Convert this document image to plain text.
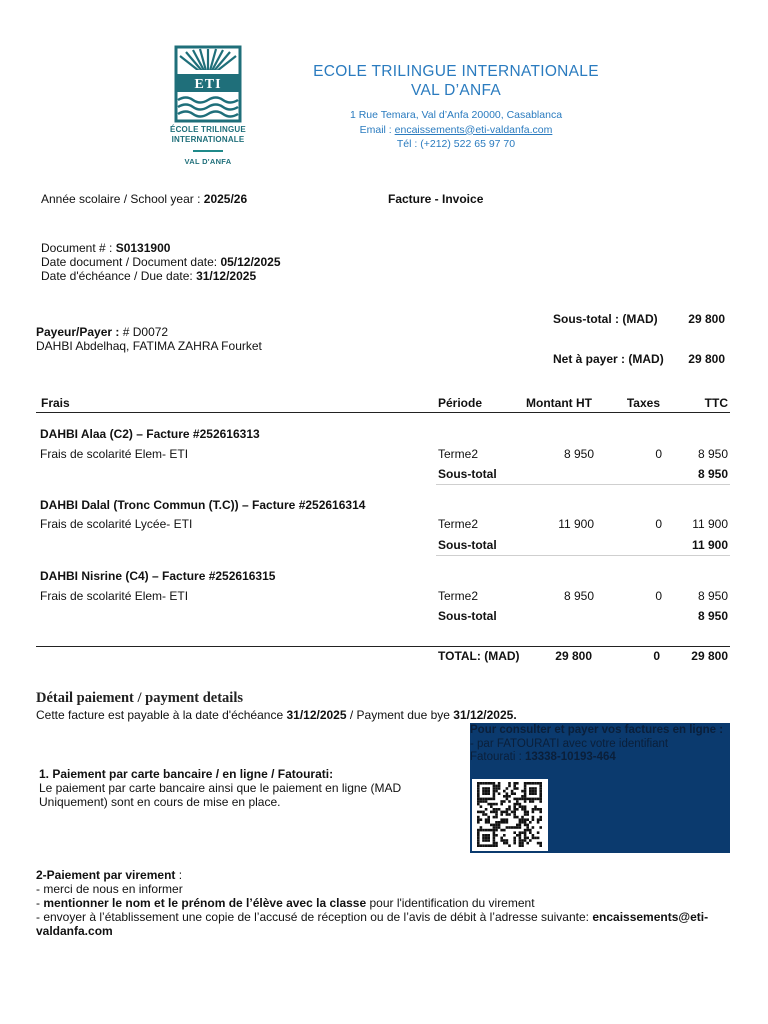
ETI
ÉCOLE TRILINGUE
INTERNATIONALE
VAL D'ANFA
ECOLE TRILINGUE INTERNATIONALE
VAL D’ANFA
1 Rue Temara, Val d’Anfa 20000, Casablanca
Email : encaissements@eti-valdanfa.com
Tél : (+212) 522 65 97 70
Année scolaire / School year : 2025/26	Facture - Invoice
Document # : S0131900
Date document / Document date: 05/12/2025
Date d'échéance / Due date: 31/12/2025
Sous-total : (MAD)	29 800
Net à payer : (MAD)	29 800
Payeur/Payer : # D0072
DAHBI Abdelhaq, FATIMA ZAHRA Fourket
Frais	Période	Montant HT	Taxes	TTC
DAHBI Alaa (C2) – Facture #252616313
Frais de scolarité Elem- ETI	Terme2	8 950	0	8 950
Sous-total	8 950
DAHBI Dalal (Tronc Commun (T.C)) – Facture #252616314
Frais de scolarité Lycée- ETI	Terme2	11 900	0	11 900
Sous-total	11 900
DAHBI Nisrine (C4) – Facture #252616315
Frais de scolarité Elem- ETI	Terme2	8 950	0	8 950
Sous-total	8 950
TOTAL: (MAD)	29 800	0	29 800
Détail paiement / payment details
Cette facture est payable à la date d'échéance 31/12/2025 / Payment due bye 31/12/2025.
Pour consulter et payer vos factures en ligne :
- par FATOURATI avec votre identifiant
Fatourati : 13338-10193-464
1. Paiement par carte bancaire / en ligne / Fatourati:
Le paiement par carte bancaire ainsi que le paiement en ligne (MAD Uniquement) sont en cours de mise en place.
2-Paiement par virement :
- merci de nous en informer
- mentionner le nom et le prénom de l’élève avec la classe pour l'identification du virement
- envoyer à l’établissement une copie de l’accusé de réception ou de l’avis de débit à l’adresse suivante: encaissements@eti-valdanfa.com
